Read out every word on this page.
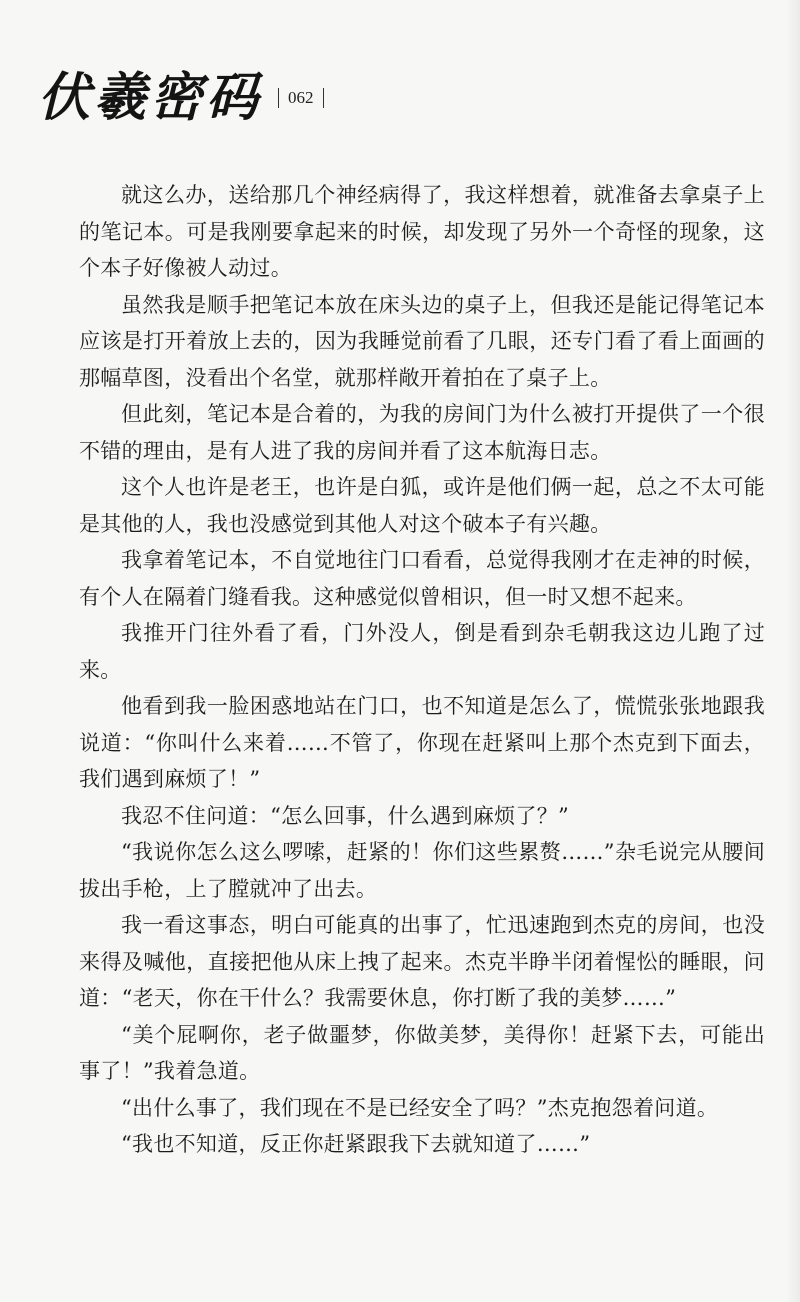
伏羲密码 062

就这么办，送给那几个神经病得了，我这样想着，就准备去拿桌子上的笔记本。可是我刚要拿起来的时候，却发现了另外一个奇怪的现象，这个本子好像被人动过。

虽然我是顺手把笔记本放在床头边的桌子上，但我还是能记得笔记本应该是打开着放上去的，因为我睡觉前看了几眼，还专门看了看上面画的那幅草图，没看出个名堂，就那样敞开着拍在了桌子上。

但此刻，笔记本是合着的，为我的房间门为什么被打开提供了一个很不错的理由，是有人进了我的房间并看了这本航海日志。

这个人也许是老王，也许是白狐，或许是他们俩一起，总之不太可能是其他的人，我也没感觉到其他人对这个破本子有兴趣。

我拿着笔记本，不自觉地往门口看看，总觉得我刚才在走神的时候，有个人在隔着门缝看我。这种感觉似曾相识，但一时又想不起来。

我推开门往外看了看，门外没人，倒是看到杂毛朝我这边儿跑了过来。

他看到我一脸困惑地站在门口，也不知道是怎么了，慌慌张张地跟我说道：“你叫什么来着……不管了，你现在赶紧叫上那个杰克到下面去，我们遇到麻烦了！”

我忍不住问道：“怎么回事，什么遇到麻烦了？”

“我说你怎么这么啰嗦，赶紧的！你们这些累赘……”杂毛说完从腰间拔出手枪，上了膛就冲了出去。

我一看这事态，明白可能真的出事了，忙迅速跑到杰克的房间，也没来得及喊他，直接把他从床上拽了起来。杰克半睁半闭着惺忪的睡眼，问道：“老天，你在干什么？我需要休息，你打断了我的美梦……”

“美个屁啊你，老子做噩梦，你做美梦，美得你！赶紧下去，可能出事了！”我着急道。

“出什么事了，我们现在不是已经安全了吗？”杰克抱怨着问道。

“我也不知道，反正你赶紧跟我下去就知道了……”
